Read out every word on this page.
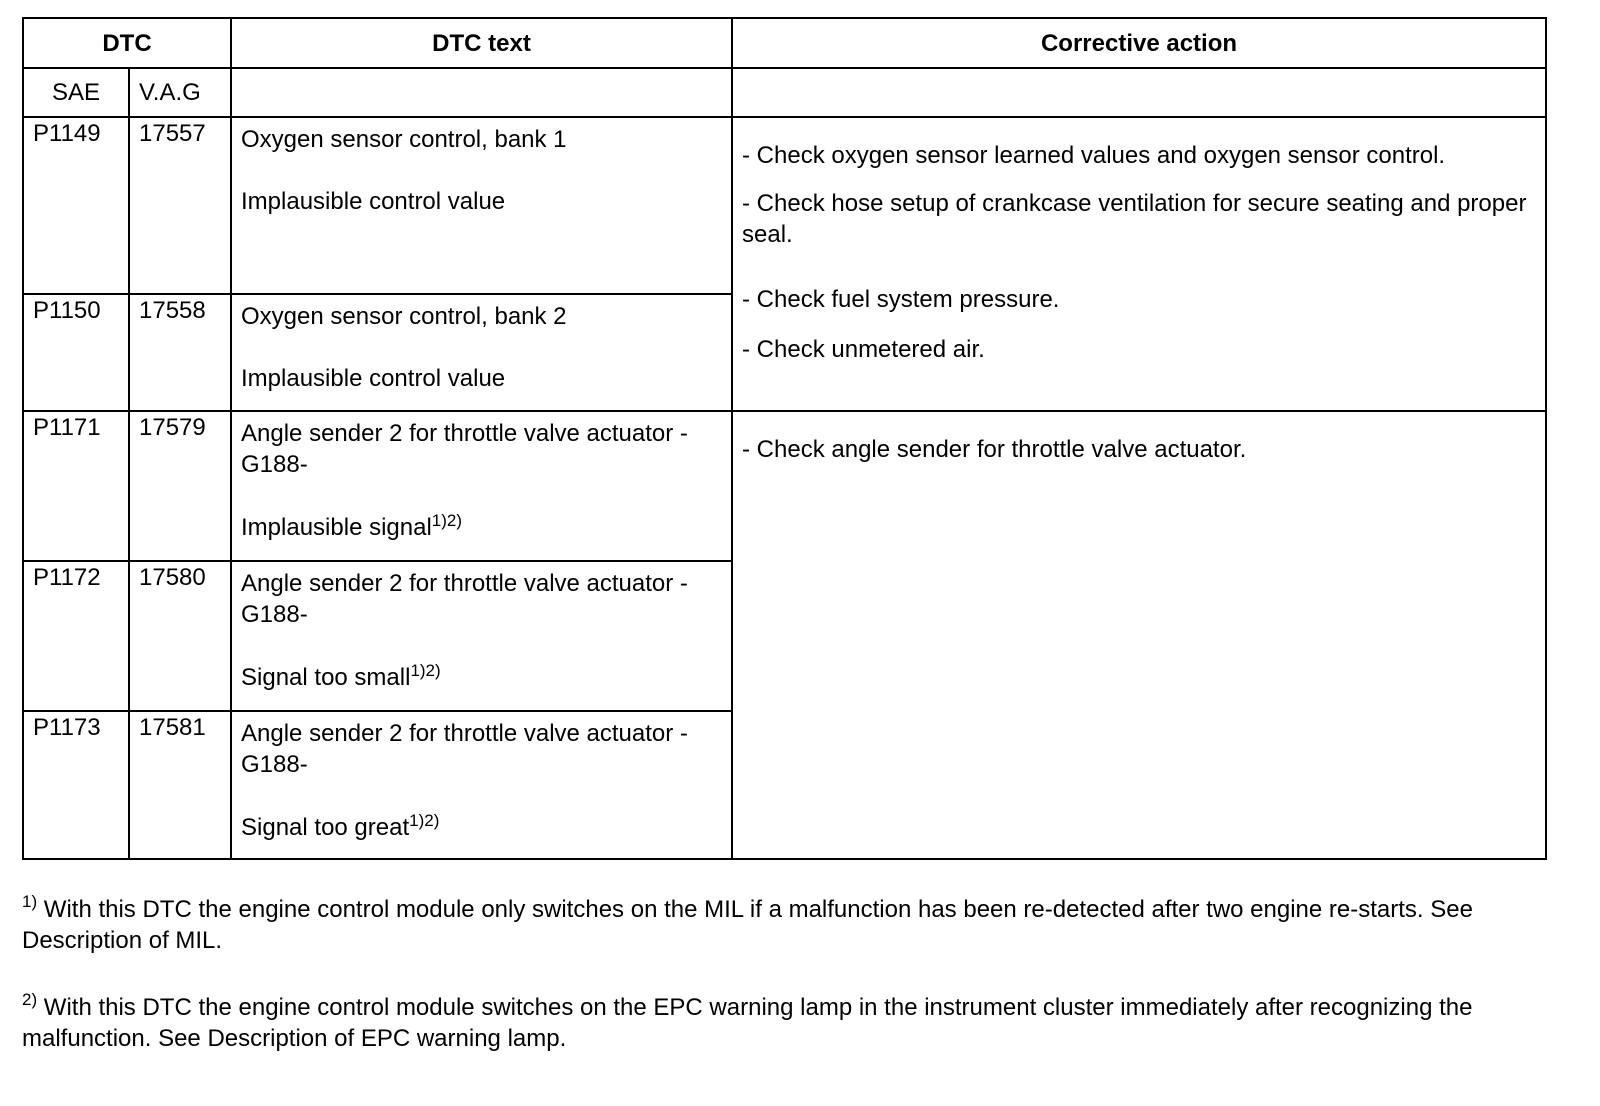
DTC		DTC text	Corrective action
SAE	V.A.G		
P1149	17557	Oxygen sensor control, bank 1
Implausible control value	- Check oxygen sensor learned values and oxygen sensor control.
- Check hose setup of crankcase ventilation for secure seating and proper seal.
- Check fuel system pressure.
- Check unmetered air.

P1150	17558	Oxygen sensor control, bank 2
Implausible control value	

P1171	17579	Angle sender 2 for throttle valve actuator -G188-
Implausible signal$^{1)2)}$	- Check angle sender for throttle valve actuator.

P1172	17580	Angle sender 2 for throttle valve actuator -G188-
Signal too small$^{1)2)}$

P1173	17581	Angle sender 2 for throttle valve actuator -G188-
Signal too great$^{1)2)}$
$^{1)}$ With this DTC the engine control module only switches on the MIL if a malfunction has been re-detected after two engine re-starts. See Description of MIL.
$^{2)}$ With this DTC the engine control module switches on the EPC warning lamp in the instrument cluster immediately after recognizing the malfunction. See Description of EPC warning lamp.
